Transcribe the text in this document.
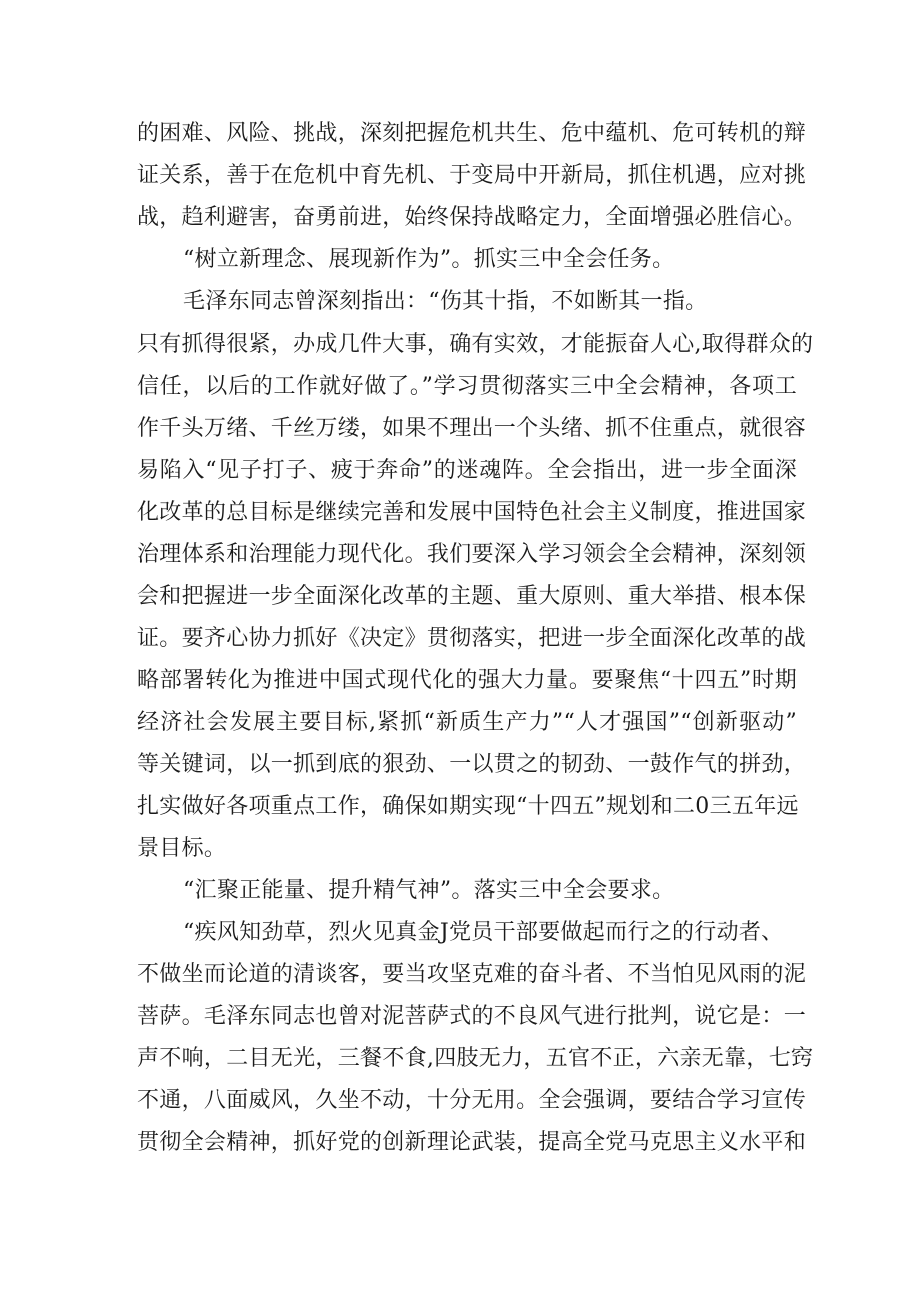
的困难、风险、挑战，深刻把握危机共生、危中蕴机、危可转机的辩
证关系，善于在危机中育先机、于变局中开新局，抓住机遇，应对挑
战，趋利避害，奋勇前进，始终保持战略定力，全面增强必胜信心。
“树立新理念、展现新作为”。抓实三中全会任务。
毛泽东同志曾深刻指出：“伤其十指，不如断其一指。
只有抓得很紧，办成几件大事，确有实效，才能振奋人心,取得群众的
信任，以后的工作就好做了。”学习贯彻落实三中全会精神，各项工
作千头万绪、千丝万缕，如果不理出一个头绪、抓不住重点，就很容
易陷入“见子打子、疲于奔命”的迷魂阵。全会指出，进一步全面深
化改革的总目标是继续完善和发展中国特色社会主义制度，推进国家
治理体系和治理能力现代化。我们要深入学习领会全会精神，深刻领
会和把握进一步全面深化改革的主题、重大原则、重大举措、根本保
证。要齐心协力抓好《决定》贯彻落实，把进一步全面深化改革的战
略部署转化为推进中国式现代化的强大力量。要聚焦“十四五”时期
经济社会发展主要目标,紧抓“新质生产力”“人才强国”“创新驱动”
等关键词，以一抓到底的狠劲、一以贯之的韧劲、一鼓作气的拼劲，
扎实做好各项重点工作，确保如期实现“十四五”规划和二0三五年远
景目标。
“汇聚正能量、提升精气神”。落实三中全会要求。
“疾风知劲草，烈火见真金J党员干部要做起而行之的行动者、
不做坐而论道的清谈客，要当攻坚克难的奋斗者、不当怕见风雨的泥
菩萨。毛泽东同志也曾对泥菩萨式的不良风气进行批判，说它是：一
声不响，二目无光，三餐不食,四肢无力，五官不正，六亲无靠，七窍
不通，八面威风，久坐不动，十分无用。全会强调，要结合学习宣传
贯彻全会精神，抓好党的创新理论武装，提高全党马克思主义水平和
